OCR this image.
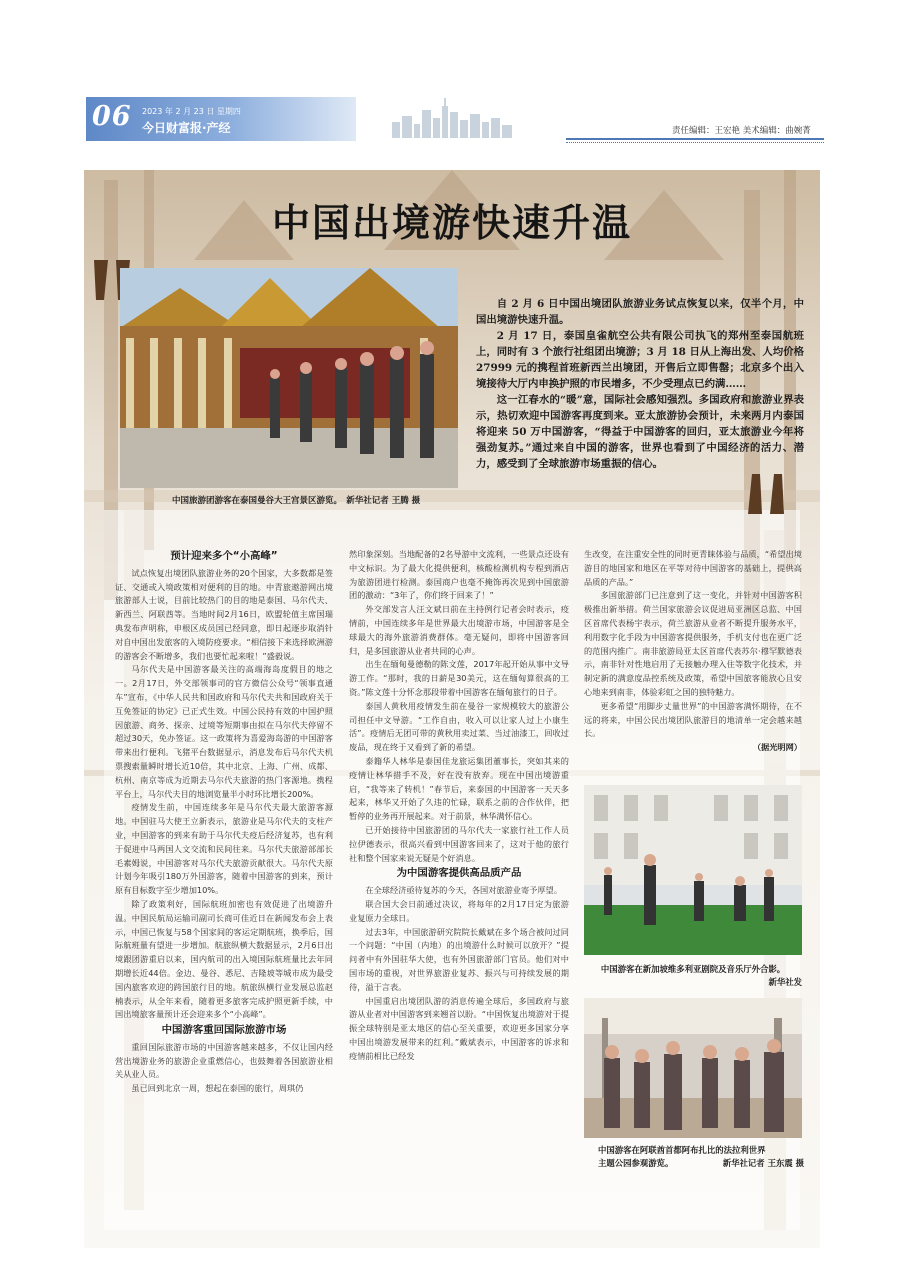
06 2023 年 2 月 23 日 星期四
今日财富报·产经	责任编辑：王宏艳 美术编辑：曲婉菁
中国出境游快速升温
中国旅游团游客在泰国曼谷大王宫景区游览。　新华社记者 王腾 摄

自 2 月 6 日中国出境团队旅游业务试点恢复以来，仅半个月，中国出境游快速升温。

2 月 17 日，泰国皇雀航空公共有限公司执飞的郑州至泰国航班上，同时有 3 个旅行社组团出境游；3 月 18 日从上海出发、人均价格 27999 元的携程首班新西兰出境团，开售后立即售罄；北京多个出入境接待大厅内申换护照的市民增多，不少受理点已约满……

这一江春水的“暖”意，国际社会感知强烈。多国政府和旅游业界表示，热切欢迎中国游客再度到来。亚太旅游协会预计，未来两月内泰国将迎来 50 万中国游客，“得益于中国游客的回归，亚太旅游业今年将强劲复苏。”通过来自中国的游客，世界也看到了中国经济的活力、潜力，感受到了全球旅游市场重振的信心。

预计迎来多个“小高峰”

试点恢复出境团队旅游业务的20个国家，大多数都是签证、交通或入境政策相对便利的目的地。中青旅遨游网出境旅游部人士说，目前比较热门的目的地是泰国、马尔代夫、新西兰、阿联酋等。当地时间2月16日，欧盟轮值主席国瑞典发布声明称，申根区成员国已经同意，即日起逐步取消针对自中国出发旅客的入境防疫要求。“相信接下来选择欧洲游的游客会不断增多，我们也要忙起来啦！”盛毅说。

马尔代夫是中国游客最关注的高端海岛度假目的地之一。2月17日，外交部领事司的官方微信公众号“领事直通车”宣布，《中华人民共和国政府和马尔代夫共和国政府关于互免签证的协定》已正式生效。中国公民持有效的中国护照因旅游、商务、探亲、过境等短期事由拟在马尔代夫停留不超过30天，免办签证。这一政策将为喜爱海岛游的中国游客带来出行便利。飞猪平台数据显示，消息发布后马尔代夫机票搜索量瞬时增长近10倍，其中北京、上海、广州、成都、杭州、南京等成为近期去马尔代夫旅游的热门客源地。携程平台上，马尔代夫目的地浏览量半小时环比增长200%。

疫情发生前，中国连续多年是马尔代夫最大旅游客源地。中国驻马大使王立新表示，旅游业是马尔代夫的支柱产业，中国游客的到来有助于马尔代夫疫后经济复苏，也有利于促进中马两国人文交流和民间往来。马尔代夫旅游部部长毛素姆说，中国游客对马尔代夫旅游贡献很大。马尔代夫原计划今年吸引180万外国游客，随着中国游客的到来，预计原有目标数字至少增加10%。

除了政策利好，国际航班加密也有效促进了出境游升温。中国民航局运输司副司长商可佳近日在新闻发布会上表示，中国已恢复与58个国家间的客运定期航班，换季后，国际航班量有望进一步增加。航旅纵横大数据显示，2月6日出境跟团游重启以来，国内航司的出入境国际航班量比去年同期增长近44倍。金边、曼谷、悉尼、吉隆坡等城市成为最受国内旅客欢迎的跨国旅行目的地。航旅纵横行业发展总监赵楠表示，从全年来看，随着更多旅客完成护照更新手续，中国出境旅客量预计还会迎来多个“小高峰”。

中国游客重回国际旅游市场

重回国际旅游市场的中国游客越来越多，不仅让国内经营出境游业务的旅游企业重燃信心，也鼓舞着各国旅游业相关从业人员。

虽已回到北京一周，想起在泰国的旅行，周琪仍

然印象深刻。当地配备的2名导游中文流利，一些景点还设有中文标识。为了最大化提供便利，核酸检测机构专程到酒店为旅游团进行检测。泰国商户也毫不掩饰再次见到中国旅游团的激动：“3年了，你们终于回来了！”

外交部发言人汪文斌日前在主持例行记者会时表示，疫情前，中国连续多年是世界最大出境游市场，中国游客是全球最大的海外旅游消费群体。毫无疑问，即将中国游客回归，是多国旅游从业者共同的心声。

出生在缅甸曼德勒的陈文莲，2017年起开始从事中文导游工作。“那时，我的日薪是30美元，这在缅甸算很高的工资。”陈文莲十分怀念那段带着中国游客在缅甸旅行的日子。

泰国人黄秋用疫情发生前在曼谷一家规模较大的旅游公司担任中文导游。“工作自由，收入可以让家人过上小康生活”。疫情后无团可带的黄秋用卖过菜、当过油漆工，回收过废品，现在终于又看到了新的希望。

泰籍华人林华是泰国佳龙旅运集团董事长，突如其来的疫情让林华措手不及，好在没有放弃。现在中国出境游重启，“我等来了转机！”春节后，来泰国的中国游客一天天多起来，林华又开始了久违的忙碌，联系之前的合作伙伴，把暂停的业务再开展起来。对于前景，林华满怀信心。

已开始接待中国旅游团的马尔代夫一家旅行社工作人员拉伊德表示，很高兴看到中国游客回来了，这对于他的旅行社和整个国家来说无疑是个好消息。

为中国游客提供高品质产品

在全球经济亟待复苏的今天，各国对旅游业寄予厚望。

联合国大会日前通过决议，将每年的2月17日定为旅游业复原力全球日。

过去3年，中国旅游研究院院长戴斌在多个场合被问过同一个问题：“中国（内地）的出境游什么时候可以放开？”提问者中有外国驻华大使，也有外国旅游部门官员。他们对中国市场的重视，对世界旅游业复苏、振兴与可持续发展的期待，溢于言表。

中国重启出境团队游的消息传遍全球后，多国政府与旅游从业者对中国游客到来翘首以盼。“中国恢复出境游对于提振全球特别是亚太地区的信心至关重要，欢迎更多国家分享中国出境游发展带来的红利。”戴斌表示，中国游客的诉求和疫情前相比已经发

生改变，在注重安全性的同时更青睐体验与品质，“希望出境游目的地国家和地区在平等对待中国游客的基础上，提供高品质的产品。”

多国旅游部门已注意到了这一变化，并针对中国游客积极推出新举措。荷兰国家旅游会议促进局亚洲区总监、中国区首席代表杨宇表示，荷兰旅游从业者不断提升服务水平，利用数字化手段为中国游客提供服务，手机支付也在更广泛的范围内推广。南非旅游局亚太区首席代表苏尔·穆罕默德表示，南非针对性地启用了无接触办理入住等数字化技术，并制定新的满意度品控系统及政策，希望中国旅客能放心且安心地来到南非，体验彩虹之国的独特魅力。

更多希望“用脚步丈量世界”的中国游客满怀期待，在不远的将来，中国公民出境团队旅游目的地清单一定会越来越长。

（据光明网）

中国游客在新加坡维多利亚剧院及音乐厅外合影。
新华社发
中国游客在阿联酋首都阿布扎比的法拉利世界
主题公园参观游览。	新华社记者 王东震 摄
